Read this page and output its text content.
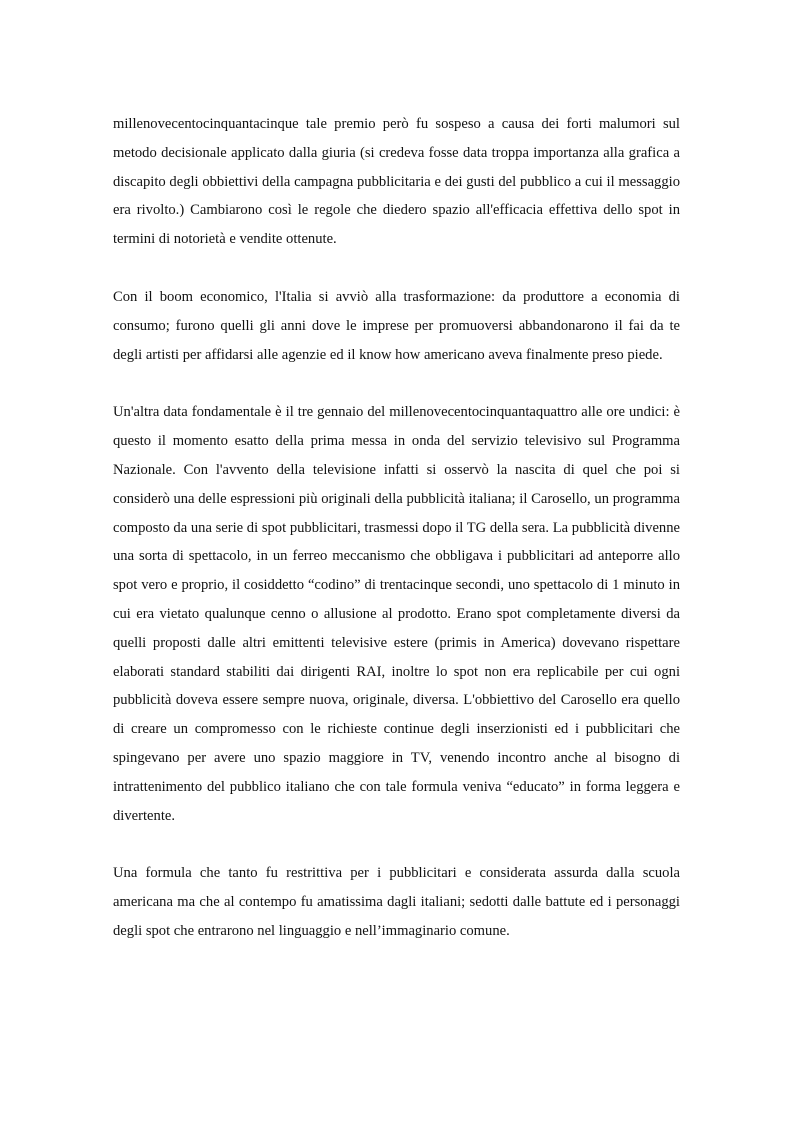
millenovecentocinquantacinque tale premio però fu sospeso a causa dei forti malumori sul metodo decisionale applicato dalla giuria (si credeva fosse data troppa importanza alla grafica a discapito degli obbiettivi della campagna pubblicitaria e dei gusti del pubblico a cui il messaggio era rivolto.) Cambiarono così le regole che diedero spazio all'efficacia effettiva dello spot in termini di notorietà e vendite ottenute.

Con il boom economico, l'Italia si avviò alla trasformazione: da produttore a economia di consumo; furono quelli gli anni dove le imprese per promuoversi abbandonarono il fai da te degli artisti per affidarsi alle agenzie ed il know how americano aveva finalmente preso piede.

Un'altra data fondamentale è il tre gennaio del millenovecentocinquantaquattro alle ore undici: è questo il momento esatto della prima messa in onda del servizio televisivo sul Programma Nazionale. Con l'avvento della televisione infatti si osservò la nascita di quel che poi si considerò una delle espressioni più originali della pubblicità italiana; il Carosello, un programma composto da una serie di spot pubblicitari, trasmessi dopo il TG della sera. La pubblicità divenne una sorta di spettacolo, in un ferreo meccanismo che obbligava i pubblicitari ad anteporre allo spot vero e proprio, il cosiddetto “codino” di trentacinque secondi, uno spettacolo di 1 minuto in cui era vietato qualunque cenno o allusione al prodotto. Erano spot completamente diversi da quelli proposti dalle altri emittenti televisive estere (primis in America) dovevano rispettare elaborati standard stabiliti dai dirigenti RAI, inoltre lo spot non era replicabile per cui ogni pubblicità doveva essere sempre nuova, originale, diversa. L'obbiettivo del Carosello era quello di creare un compromesso con le richieste continue degli inserzionisti ed i pubblicitari che spingevano per avere uno spazio maggiore in TV, venendo incontro anche al bisogno di intrattenimento del pubblico italiano che con tale formula veniva “educato” in forma leggera e divertente.

Una formula che tanto fu restrittiva per i pubblicitari e considerata assurda dalla scuola americana ma che al contempo fu amatissima dagli italiani; sedotti dalle battute ed i personaggi degli spot che entrarono nel linguaggio e nell’immaginario comune.
